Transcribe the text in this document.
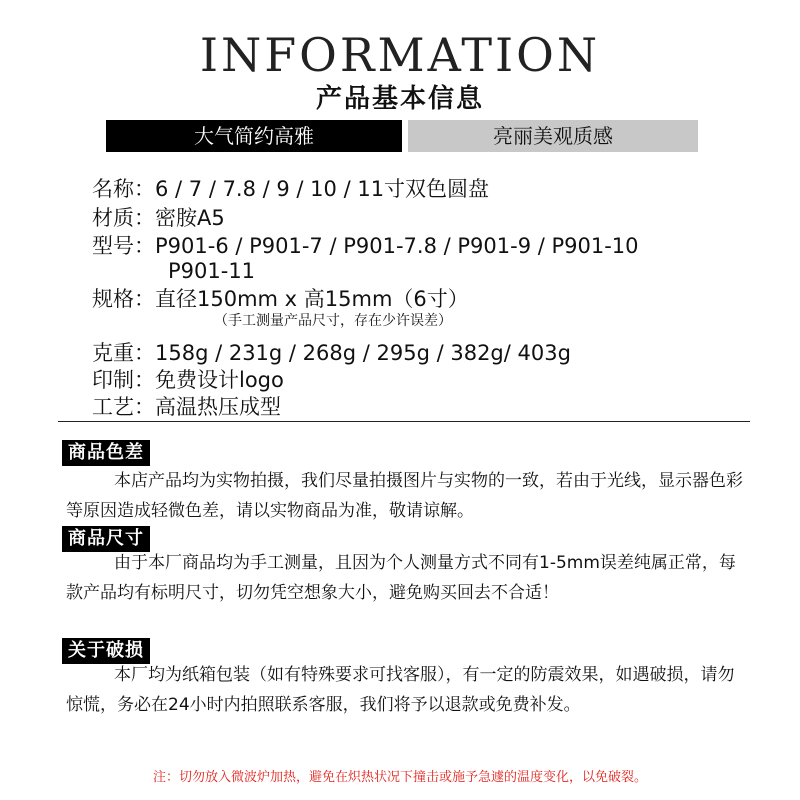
INFORMATION
产品基本信息
大气简约高雅	亮丽美观质感
名称：6 / 7 / 7.8 / 9 / 10 / 11寸双色圆盘
材质：密胺A5
型号：P901-6 / P901-7 / P901-7.8 / P901-9 / P901-10
P901-11
规格：直径150mm x 高15mm（6寸）
（手工测量产品尺寸，存在少许误差）
克重：158g / 231g / 268g / 295g / 382g/ 403g
印制：免费设计logo
工艺：高温热压成型
商品色差
本店产品均为实物拍摄，我们尽量拍摄图片与实物的一致，若由于光线，显示器色彩等原因造成轻微色差，请以实物商品为准，敬请谅解。
商品尺寸
由于本厂商品均为手工测量，且因为个人测量方式不同有1-5mm误差纯属正常，每款产品均有标明尺寸，切勿凭空想象大小，避免购买回去不合适！
关于破损
本厂均为纸箱包装（如有特殊要求可找客服），有一定的防震效果，如遇破损，请勿惊慌，务必在24小时内拍照联系客服，我们将予以退款或免费补发。
注：切勿放入微波炉加热，避免在炽热状况下撞击或施予急遽的温度变化，以免破裂。
